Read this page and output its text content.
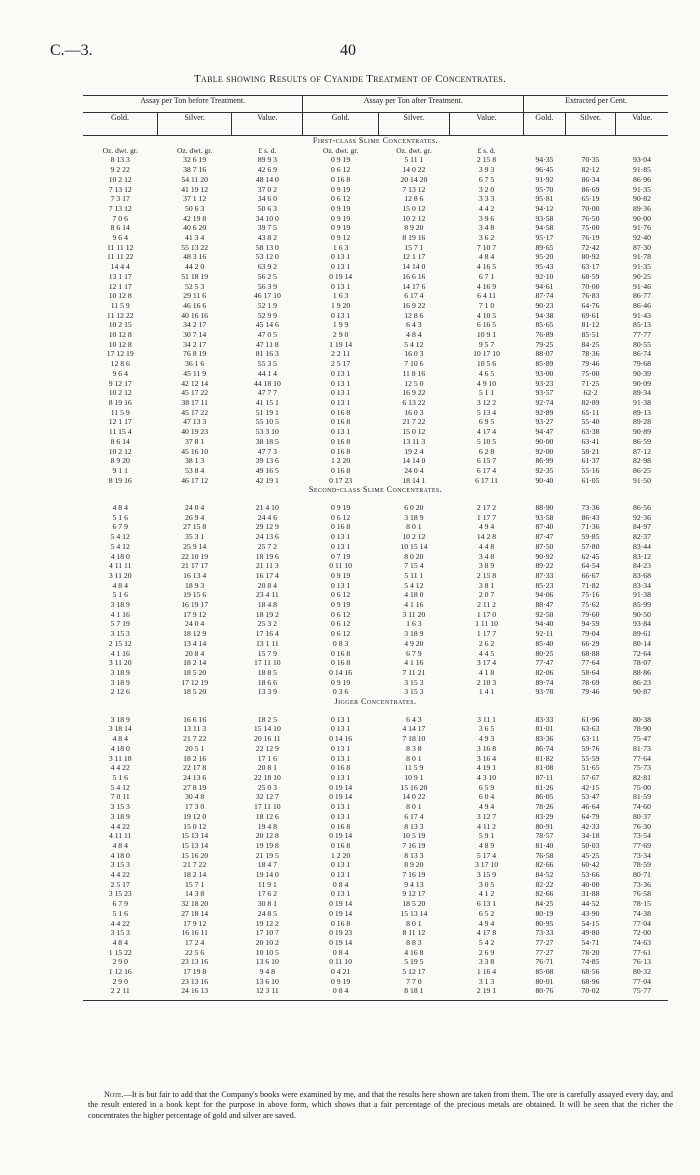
C.—3.	40
Table showing Results of Cyanide Treatment of Concentrates.
Assay per Ton before Treatment.			Assay per Ton after Treatment.			Extracted per Cent.		
Gold.	Silver.	Value.	Gold.	Silver.	Value.	Gold.	Silver.	Value.
First-class Slime Concentrates.								
Oz. dwt. gr.	Oz. dwt. gr.	£ s. d.	Oz. dwt. gr.	Oz. dwt. gr.	£ s. d.			
8 13 3	32 6 19	89 9 3	0 9 19	5 11 1	2 15 8	94·35	70·35	93·04
9 2 22	38 7 16	42 6 9	0 6 12	14 0 22	3 9 3	96·45	82·12	91·85
10 2 12	54 11 20	48 14 0	0 16 8	20 14 20	6 7 5	91·92	86·34	86·96
7 13 12	41 19 12	37 0 2	0 9 19	7 13 12	3 2 0	95·70	86·69	91·35
7 3 17	37 1 12	34 6 0	0 6 12	12 8 6	3 3 3	95·81	65·19	90·82
7 13 12	50 6 3	50 6 3	0 9 19	15 0 12	4 4 2	94·12	70·00	89·36
7 0 6	42 19 8	34 10 0	0 9 19	10 2 12	3 9 6	93·58	76·50	90·00
8 6 14	40 6 20	39 7 5	0 9 19	8 9 20	3 4 8	94·58	75·00	91·76
9 6 4	41 3 4	43 8 2	0 9 12	8 19 16	3 6 2	95·17	76·19	92·40
11 11 12	55 13 22	58 13 0	1 6 3	15 7 1	7 10 7	89·65	72·42	87·30
11 11 22	48 3 16	53 12 0	0 13 1	12 1 17	4 8 4	95·20	80·92	91·78
14 4 4	44 2 0	63 9 2	0 13 1	14 14 0	4 16 5	95·43	63·17	91·35
13 1 17	51 18 19	56 2 5	0 19 14	16 6 16	6 7 1	92·10	68·59	90·25
12 1 17	52 5 3	56 3 9	0 13 1	14 17 6	4 16 9	94·61	70·00	91·46
10 12 8	29 11 6	46 17 10	1 6 3	6 17 4	6 4 11	87·74	76·83	86·77
11 5 9	46 16 6	52 1 9	1 9 20	16 9 22	7 1 0	90·23	64·76	86·46
11 12 22	40 16 16	52 9 9	0 13 1	12 8 6	4 10 5	94·38	69·61	91·43
10 2 15	34 2 17	45 14 6	1 9 9	6 4 3	6 16 5	85·65	81·12	85·13
10 12 8	30 7 14	47 0 5	2 9 0	4 8 4	10 9 1	76·89	85·51	77·77
10 12 8	34 2 17	47 11 8	1 19 14	5 4 12	9 5 7	79·25	84·25	80·55
17 12 19	76 8 19	81 16 3	2 2 11	16 0 3	10 17 10	88·07	78·36	86·74
12 8 6	36 1 6	55 3 5	2 5 17	7 10 6	10 5 6	85·89	79·46	79·68
9 6 4	45 11 9	44 1 4	0 13 1	11 8 16	4 6 5	93·00	75·00	90·39
9 12 17	42 12 14	44 18 10	0 13 1	12 5 0	4 9 10	93·23	71·25	90·09
10 2 12	45 17 22	47 7 7	0 13 1	16 9 22	5 1 1	93·57	62·2	89·34
8 19 16	38 17 11	41 15 1	0 13 1	6 13 22	3 12 2	92·74	82·89	91·38
11 5 9	45 17 22	51 19 1	0 16 8	16 0 3	5 13 4	92·89	65·11	89·13
12 1 17	47 13 3	55 10 5	0 16 8	21 7 22	6 9 5	93·27	55·40	89·28
11 15 4	40 19 23	53 3 10	0 13 1	15 0 12	4 17 4	94·47	63·38	90·89
8 6 14	37 8 1	38 18 5	0 16 8	13 11 3	5 10 5	90·00	63·41	86·59
10 2 12	45 16 10	47 7 3	0 16 8	19 2 4	6 2 8	92·00	58·21	87·12
8 9 20	38 1 3	39 13 6	1 2 20	14 14 0	6 15 7	86·99	61·37	82·98
9 1 1	53 8 4	49 16 5	0 16 8	24 0 4	6 17 4	92·35	55·16	86·25
8 19 16	46 17 12	42 19 1	0 17 23	18 14 1	6 17 11	90·40	61·05	91·50
Second-class Slime Concentrates.								

4 8 4	24 0 4	21 4 10	0 9 19	6 0 20	2 17 2	88·90	73·36	86·56
5 1 6	26 9 4	24 4 6	0 6 12	3 18 9	1 17 7	93·58	86·43	92·36
6 7 9	27 15 8	29 12 9	0 16 8	8 0 1	4 9 4	87·40	71·36	84·97
5 4 12	35 3 1	24 13 6	0 13 1	10 2 12	14 2 8	87·47	59·85	82·37
5 4 12	25 9 14	25 7 2	0 13 1	10 15 14	4 4 8	87·50	57·80	83·44
4 18 0	22 10 19	18 19 6	0 7 19	8 0 20	3 4 8	90·92	62·45	83·12
4 11 11	21 17 17	21 11 3	0 11 10	7 15 4	3 8 9	89·22	64·54	84·23
3 11 20	16 13 4	16 17 4	0 9 19	5 11 1	2 15 8	87·33	66·67	83·68
4 8 4	18 9 3	20 8 4	0 13 1	5 4 12	3 8 1	85·23	71·82	83·34
5 1 6	19 15 6	23 4 11	0 6 12	4 18 0	2 0 7	94·06	75·16	91·38
3 18 9	16 19 17	18 4 8	0 9 19	4 1 16	2 11 2	88·47	75·62	85·99
4 1 16	17 9 12	18 19 2	0 6 12	3 11 20	1 17 0	92·50	79·60	90·50
5 7 19	24 0 4	25 3 2	0 6 12	1 6 3	1 11 10	94·40	94·59	93·84
3 15 3	18 12 9	17 16 4	0 6 12	3 18 9	1 17 7	92·11	79·04	89·61
2 15 12	13 4 14	13 1 11	0 8 3	4 9 20	2 6 2	85·40	66·29	80·14
4 1 16	20 8 4	15 7 9	0 16 8	6 7 9	4 4 5	80·25	68·88	72·64
3 11 20	18 2 14	17 11 10	0 16 8	4 1 16	3 17 4	77·47	77·64	78·07
3 18 9	18 5 20	18 8 5	0 14 16	7 11 21	4 1 8	82·06	58·64	88·86
3 18 9	17 12 19	18 6 6	0 9 19	3 15 3	2 10 3	89·74	78·69	86·23
2 12 6	18 5 20	13 3 9	0 3 6	3 15 3	1 4 1	93·78	79·46	90·87
Jigger Concentrates.								

3 18 9	16 6 16	18 2 5	0 13 1	6 4 3	3 11 1	83·33	61·96	80·38
3 18 14	13 11 3	15 14 10	0 13 1	4 14 17	3 6 5	81·01	63·63	78·90
4 8 4	21 7 22	20 16 11	0 14 16	7 18 10	4 9 3	83·36	63·11	75·47
4 18 0	20 5 1	22 12 9	0 13 1	8 3 8	3 16 8	86·74	59·76	81·73
3 11 18	18 2 16	17 1 6	0 13 1	8 0 1	3 16 4	81·82	55·59	77·64
4 4 22	22 17 8	20 8 1	0 16 8	11 5 9	4 19 1	81·08	51·65	75·73
5 1 6	24 13 6	22 18 10	0 13 1	10 9 1	4 3 10	87·11	57·67	82·81
5 4 12	27 8 19	25 0 3	0 19 14	15 16 20	6 5 9	81·26	42·15	75·00
7 0 11	30 4 8	32 12 7	0 19 14	14 0 22	6 0 4	86·05	53·47	81·59
3 15 3	17 3 0	17 11 10	0 13 1	8 0 1	4 9 4	78·26	46·64	74·60
3 18 9	19 12 0	18 12 6	0 13 1	6 17 4	3 12 7	83·29	64·79	80·37
4 4 22	15 0 12	19 4 8	0 16 8	8 13 3	4 11 2	80·91	42·33	76·30
4 11 11	15 13 14	20 12 8	0 19 14	10 5 19	5 9 1	78·57	34·18	73·54
4 8 4	15 13 14	19 19 8	0 16 8	7 16 19	4 8 9	81·40	50·03	77·69
4 18 0	15 16 20	21 19 5	1 2 20	8 13 3	5 17 4	76·58	45·25	73·34
3 15 3	21 7 22	18 4 7	0 13 1	8 9 20	3 17 10	82·66	60·42	78·59
4 4 22	18 2 14	19 14 0	0 13 1	7 16 19	3 15 9	84·52	53·66	80·71
2 5 17	15 7 1	11 9 1	0 8 4	9 4 13	3 0 5	82·22	40·00	73·36
3 15 23	14 3 8	17 6 2	0 13 1	9 12 17	4 1 2	82·66	31·88	76·58
6 7 9	32 18 20	30 8 1	0 19 14	18 5 20	6 13 1	84·25	44·52	78·15
5 1 6	27 18 14	24 8 5	0 19 14	15 13 14	6 5 2	80·19	43·90	74·38
4 4 22	17 9 12	19 12 2	0 16 8	8 0 1	4 9 4	80·95	54·15	77·04
3 15 3	16 16 11	17 10 7	0 19 23	8 11 12	4 17 8	73·33	49·80	72·00
4 8 4	17 2 4	20 10 2	0 19 14	8 8 3	5 4 2	77·27	54·71	74·63
1 15 22	22 5 6	10 10 5	0 8 4	4 16 8	2 6 9	77·27	78·20	77·61
2 9 0	23 13 16	13 6 10	0 11 10	5 19 5	3 3 8	76·71	74·85	76·13
1 12 16	17 19 8	9 4 8	0 4 21	5 12 17	1 16 4	85·08	68·56	80·32
2 9 0	23 13 16	13 6 10	0 9 19	7 7 0	3 1 3	80·01	68·96	77·04
2 2 11	24 16 13	12 3 11	0 8 4	8 18 1	2 19 1	80·76	70·02	75·77

Note.—It is but fair to add that the Company's books were examined by me, and that the results here shown are taken from them. The ore is carefully assayed every day, and the result entered in a book kept for the purpose in above form, which shows that a fair percentage of the precious metals are obtained. It will be seen that the richer the concentrates the higher percentage of gold and silver are saved.
